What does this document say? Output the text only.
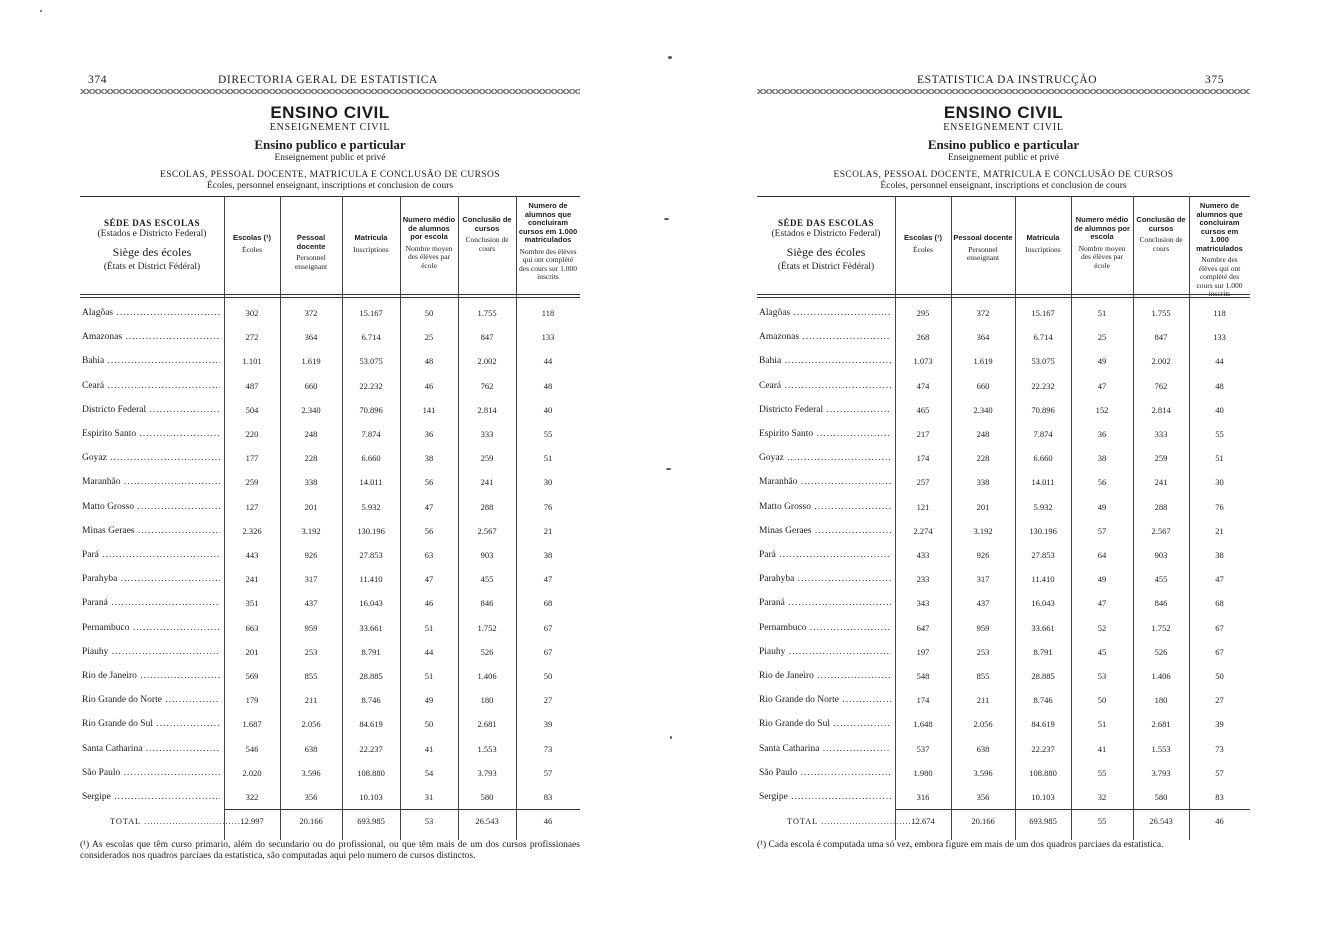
374	DIRECTORIA GERAL DE ESTATISTICA
ENSINO CIVIL
ENSEIGNEMENT CIVIL
Ensino publico e particular
Enseignement public et privé
ESCOLAS, PESSOAL DOCENTE, MATRICULA E CONCLUSÃO DE CURSOS
Écoles, personnel enseignant, inscriptions et conclusion de cours
SÉDE DAS ESCOLAS
(Estados e Districto Federal)
Siège des écoles
(États et District Fédéral)
Escolas (¹)
Écoles
Pessoal docente
Personnel enseignant
Matricula
Inscriptions
Numero médio de alumnos por escola
Nombre moyen des élèves par école
Conclusão de cursos
Conclusion de cours
Numero de alumnos que concluiram cursos em 1.000 matriculados
Nombre des élèves qui ont complété des cours sur 1.000 inscrits
Alagôas .....	302	372	15.167	50	1.755	118
Amazonas .....	272	364	6.714	25	847	133
Bahia .....	1.101	1.619	53.075	48	2.002	44
Ceará .....	487	660	22.232	46	762	48
Districto Federal .....	504	2.340	70.896	141	2.814	40
Espirito Santo .....	220	248	7.874	36	333	55
Goyaz .....	177	228	6.660	38	259	51
Maranhão .....	259	338	14.011	56	241	30
Matto Grosso .....	127	201	5.932	47	288	76
Minas Geraes .....	2.326	3.192	130.196	56	2.567	21
Pará .....	443	926	27.853	63	903	38
Parahyba .....	241	317	11.410	47	455	47
Paraná .....	351	437	16.043	46	846	68
Pernambuco .....	663	959	33.661	51	1.752	67
Piauhy .....	201	253	8.791	44	526	67
Rio de Janeiro .....	569	855	28.885	51	1.406	50
Rio Grande do Norte .....	179	211	8.746	49	180	27
Rio Grande do Sul .....	1.687	2.056	84.619	50	2.681	39
Santa Catharina .....	546	638	22.237	41	1.553	73
São Paulo .....	2.020	3.596	108.880	54	3.793	57
Sergipe .....	322	356	10.103	31	580	83
TOTAL .....	12.997	20.166	693.985	53	26.543	46
(¹) As escolas que têm curso primario, além do secundario ou do profissional, ou que têm mais de um dos cursos profissionaes considerados nos quadros parciaes da estatistica, são computadas aqui pelo numero de cursos distinctos.
ESTATISTICA DA INSTRUCÇÃO	375
ENSINO CIVIL
ENSEIGNEMENT CIVIL
Ensino publico e particular
Enseignement public et privé
ESCOLAS, PESSOAL DOCENTE, MATRICULA E CONCLUSÃO DE CURSOS
Écoles, personnel enseignant, inscriptions et conclusion de cours
SÉDE DAS ESCOLAS
(Estados e Districto Federal)
Siège des écoles
(États et District Fédéral)
Escolas (¹)
Écoles
Pessoal docente
Personnel enseignant
Matricula
Inscriptions
Numero médio de alumnos por escola
Nombre moyen des élèves par école
Conclusão de cursos
Conclusion de cours
Numero de alumnos que concluiram cursos em 1.000 matriculados
Nombre des élèves qui ont complété des cours sur 1.000 inscrits
Alagôas .....	295	372	15.167	51	1.755	118
Amazonas .....	268	364	6.714	25	847	133
Bahia .....	1.073	1.619	53.075	49	2.002	44
Ceará .....	474	660	22.232	47	762	48
Districto Federal .....	465	2.340	70.896	152	2.814	40
Espirito Santo .....	217	248	7.874	36	333	55
Goyaz .....	174	228	6.660	38	259	51
Maranhão .....	257	338	14.011	56	241	30
Matto Grosso .....	121	201	5.932	49	288	76
Minas Geraes .....	2.274	3.192	130.196	57	2.567	21
Pará .....	433	926	27.853	64	903	38
Parahyba .....	233	317	11.410	49	455	47
Paraná .....	343	437	16.043	47	846	68
Pernambuco .....	647	959	33.661	52	1.752	67
Piauhy .....	197	253	8.791	45	526	67
Rio de Janeiro .....	548	855	28.885	53	1.406	50
Rio Grande do Norte .....	174	211	8.746	50	180	27
Rio Grande do Sul .....	1.648	2.056	84.619	51	2.681	39
Santa Catharina .....	537	638	22.237	41	1.553	73
São Paulo .....	1.980	3.596	108.880	55	3.793	57
Sergipe .....	316	356	10.103	32	580	83
TOTAL .....	12.674	20.166	693.985	55	26.543	46
(¹) Cada escola é computada uma só vez, embora figure em mais de um dos quadros parciaes da estatistica.
